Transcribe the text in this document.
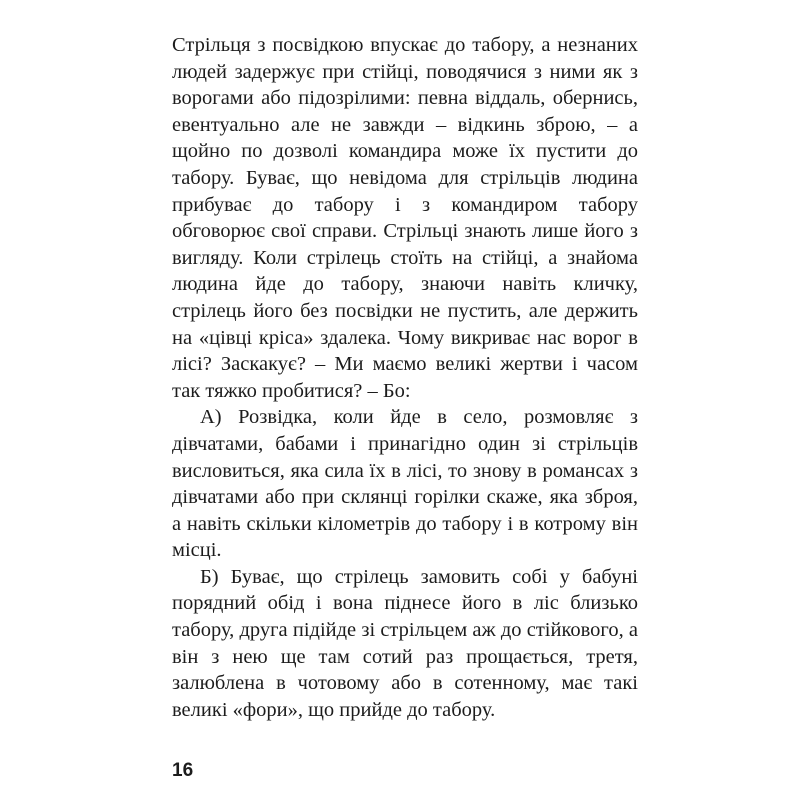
Стрільця з посвідкою впускає до табору, а незнаних людей задержує при стійці, поводячися з ними як з ворогами або підозрілими: певна віддаль, обернись, евентуально але не завжди – відкинь зброю, – а щойно по дозволі командира може їх пустити до табору. Буває, що невідома для стрільців людина прибуває до табору і з командиром табору обговорює свої справи. Стрільці знають лише його з вигляду. Коли стрілець стоїть на стійці, а знайома людина йде до табору, знаючи навіть кличку, стрілець його без посвідки не пустить, але держить на «цівці кріса» здалека. Чому викриває нас ворог в лісі? Заскакує? – Ми маємо великі жертви і часом так тяжко пробитися? – Бо:

А) Розвідка, коли йде в село, розмовляє з дівчатами, бабами і принагідно один зі стрільців висловиться, яка сила їх в лісі, то знову в романсах з дівчатами або при склянці горілки скаже, яка зброя, а навіть скільки кілометрів до табору і в котрому він місці.

Б) Буває, що стрілець замовить собі у бабуні порядний обід і вона піднесе його в ліс близько табору, друга підійде зі стрільцем аж до стійкового, а він з нею ще там сотий раз прощається, третя, залюблена в чотовому або в сотенному, має такі великі «фори», що прийде до табору.

16
